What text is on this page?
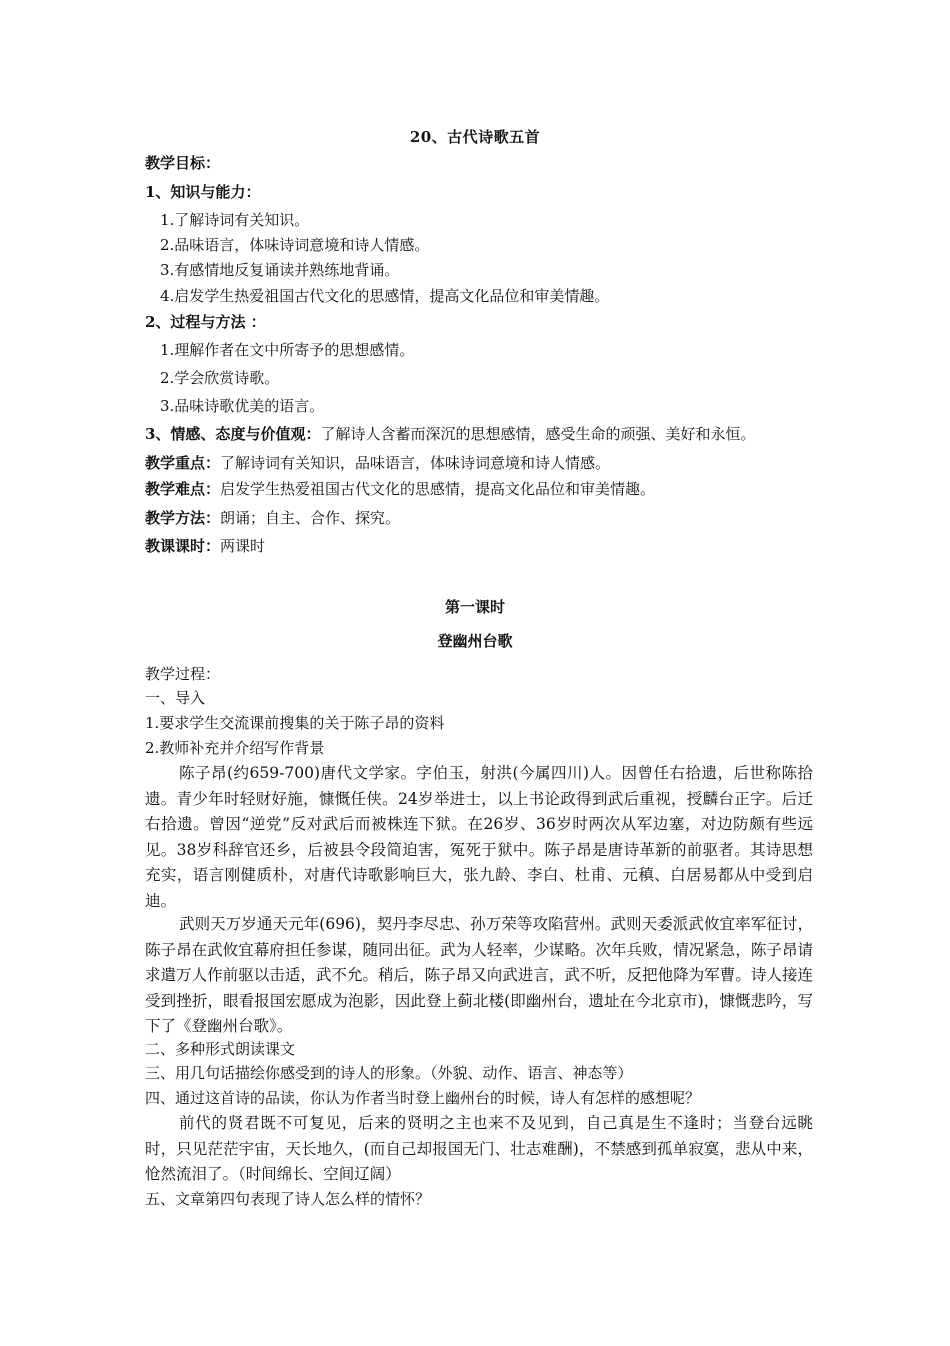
20、古代诗歌五首
教学目标：
1、知识与能力：
1.了解诗词有关知识。
2.品味语言，体味诗词意境和诗人情感。
3.有感情地反复诵读并熟练地背诵。
4.启发学生热爱祖国古代文化的思感情，提高文化品位和审美情趣。
2、过程与方法 ：
1.理解作者在文中所寄予的思想感情。
2.学会欣赏诗歌。
3.品味诗歌优美的语言。
3、情感、态度与价值观：了解诗人含蓄而深沉的思想感情，感受生命的顽强、美好和永恒。
教学重点：了解诗词有关知识，品味语言，体味诗词意境和诗人情感。
教学难点：启发学生热爱祖国古代文化的思感情，提高文化品位和审美情趣。
教学方法：朗诵；自主、合作、探究。
教课课时：两课时
第一课时
登幽州台歌
教学过程：
一、导入
1.要求学生交流课前搜集的关于陈子昂的资料
2.教师补充并介绍写作背景
陈子昂(约659-700)唐代文学家。字伯玉，射洪(今属四川)人。因曾任右拾遗，后世称陈拾遗。青少年时轻财好施，慷慨任侠。24岁举进士，以上书论政得到武后重视，授麟台正字。后迁右拾遗。曾因“逆党”反对武后而被株连下狱。在26岁、36岁时两次从军边塞，对边防颇有些远见。38岁科辞官还乡，后被县令段简迫害，冤死于狱中。陈子昂是唐诗革新的前驱者。其诗思想充实，语言刚健质朴，对唐代诗歌影响巨大，张九龄、李白、杜甫、元稹、白居易都从中受到启迪。
武则天万岁通天元年(696)，契丹李尽忠、孙万荣等攻陷营州。武则天委派武攸宜率军征讨，陈子昂在武攸宜幕府担任参谋，随同出征。武为人轻率，少谋略。次年兵败，情况紧急，陈子昂请求遣万人作前驱以击适，武不允。稍后，陈子昂又向武进言，武不听，反把他降为军曹。诗人接连受到挫折，眼看报国宏愿成为泡影，因此登上蓟北楼(即幽州台，遗址在今北京市)，慷慨悲吟，写下了《登幽州台歌》。
二、多种形式朗读课文
三、用几句话描绘你感受到的诗人的形象。（外貌、动作、语言、神态等）
四、通过这首诗的品读，你认为作者当时登上幽州台的时候，诗人有怎样的感想呢？
前代的贤君既不可复见，后来的贤明之主也来不及见到，自己真是生不逢时；当登台远眺时，只见茫茫宇宙，天长地久，(而自己却报国无门、壮志难酬)，不禁感到孤单寂寞，悲从中来，怆然流泪了。（时间绵长、空间辽阔）
五、文章第四句表现了诗人怎么样的情怀？
